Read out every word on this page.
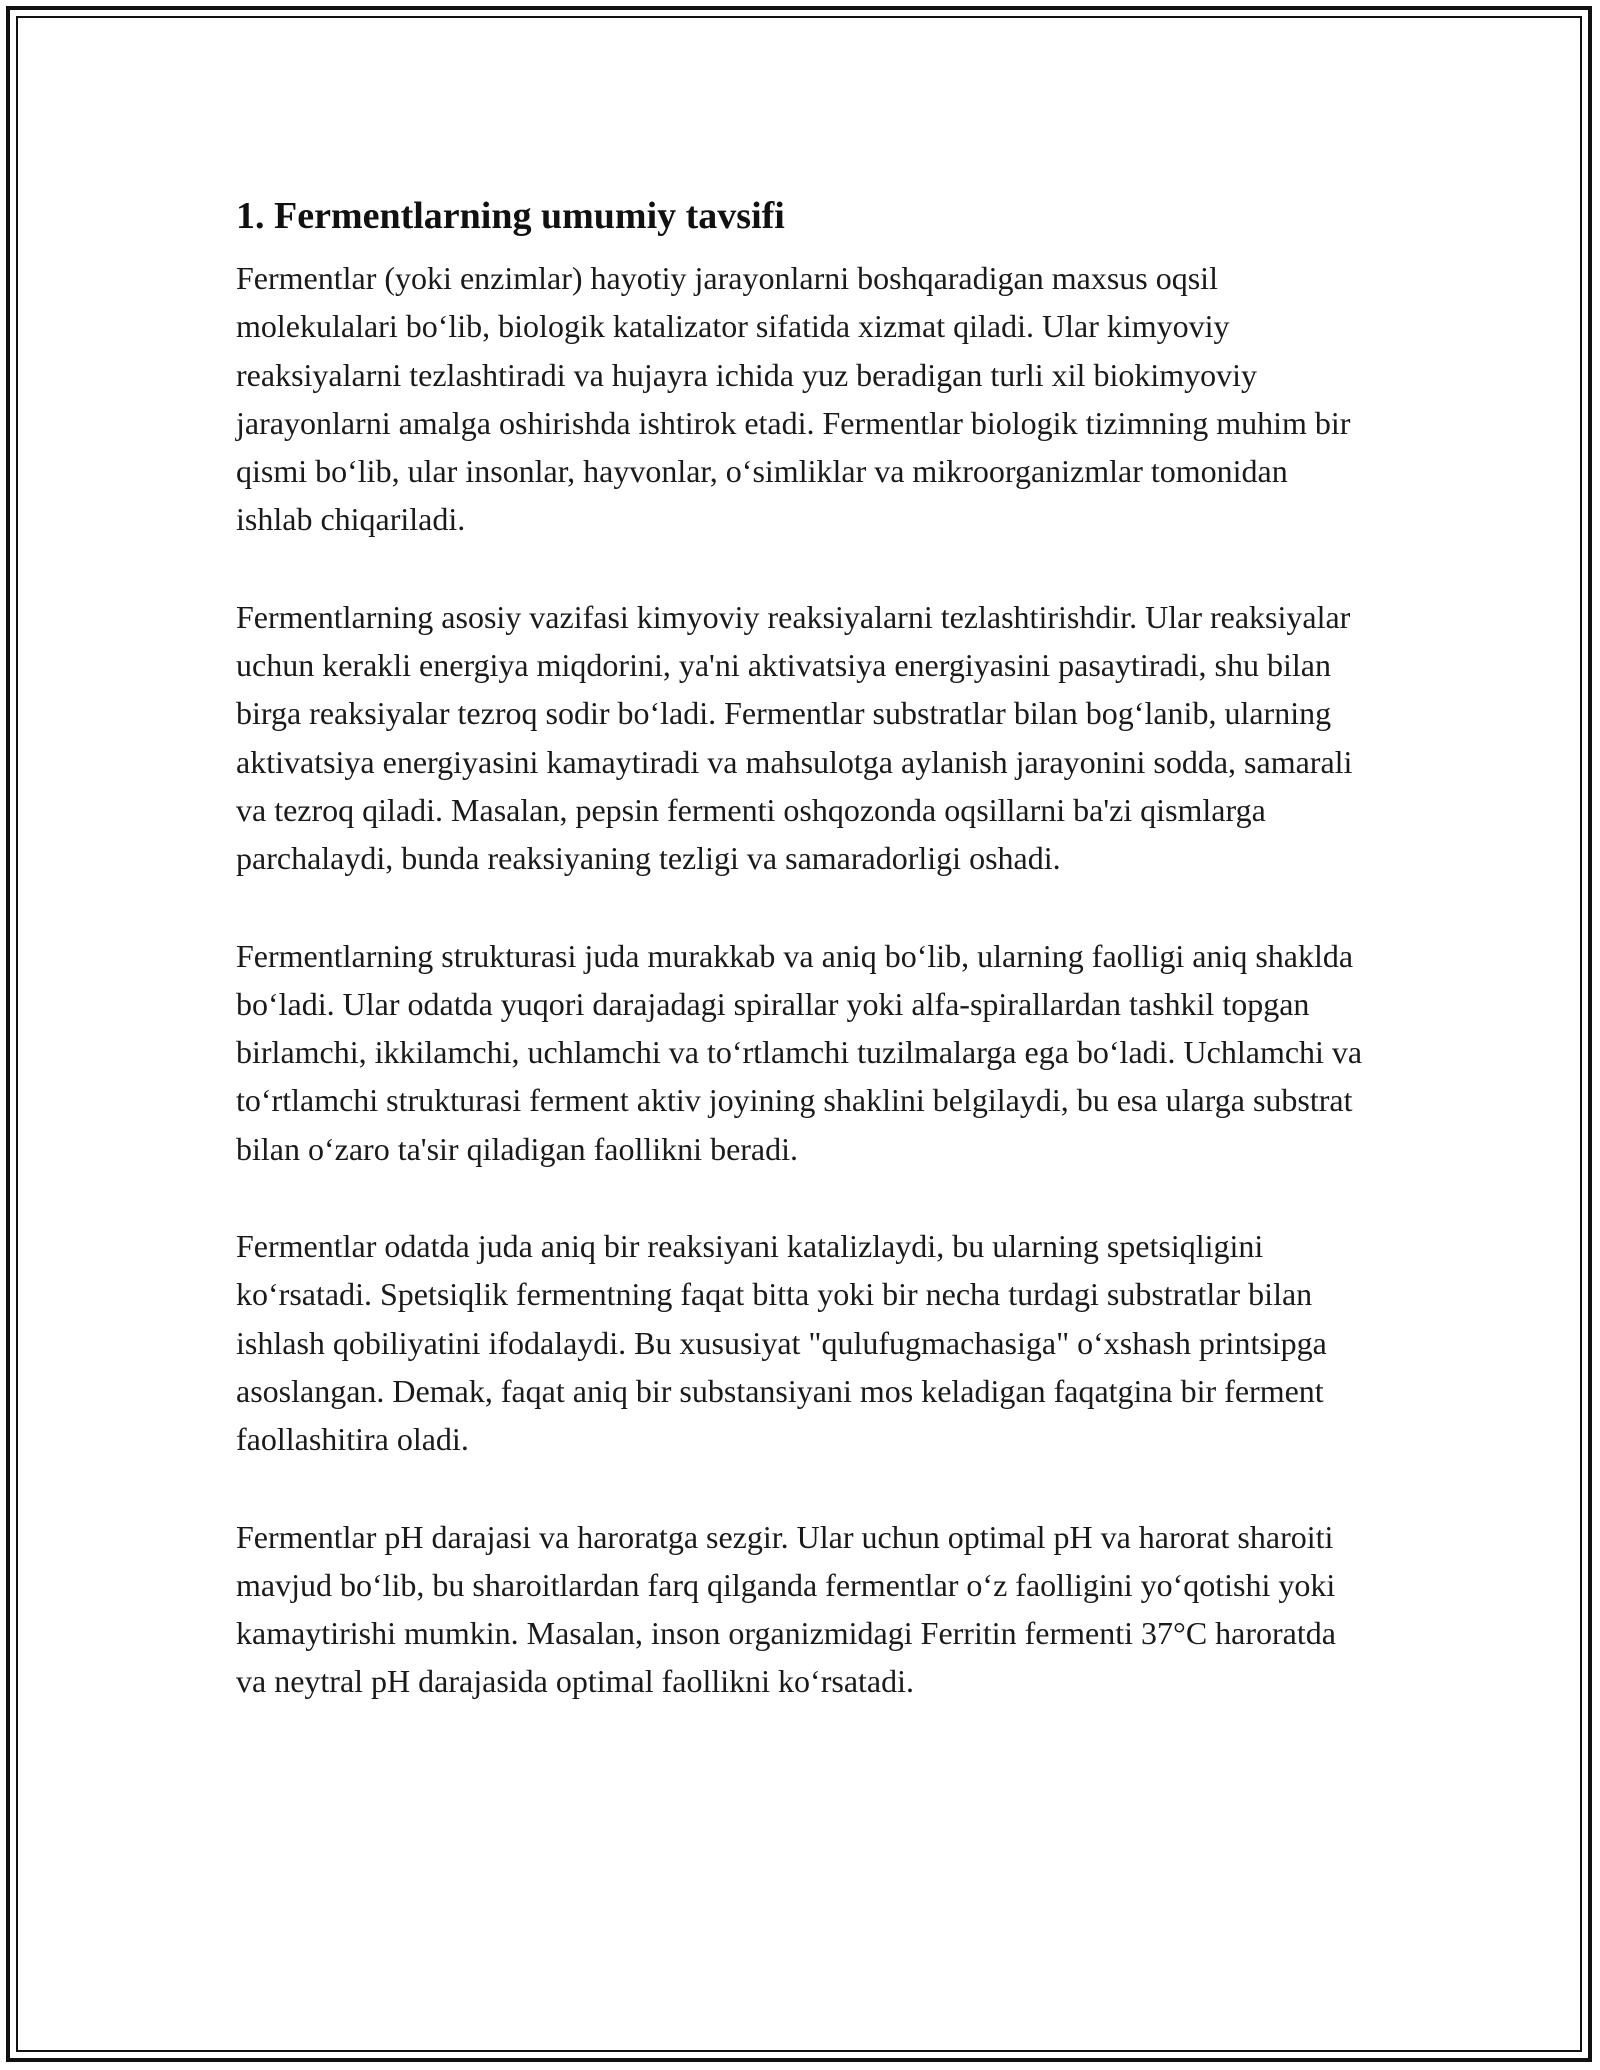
1. Fermentlarning umumiy tavsifi

Fermentlar (yoki enzimlar) hayotiy jarayonlarni boshqaradigan maxsus oqsil molekulalari bo‘lib, biologik katalizator sifatida xizmat qiladi. Ular kimyoviy reaksiyalarni tezlashtiradi va hujayra ichida yuz beradigan turli xil biokimyoviy jarayonlarni amalga oshirishda ishtirok etadi. Fermentlar biologik tizimning muhim bir qismi bo‘lib, ular insonlar, hayvonlar, o‘simliklar va mikroorganizmlar tomonidan ishlab chiqariladi.

Fermentlarning asosiy vazifasi kimyoviy reaksiyalarni tezlashtirishdir. Ular reaksiyalar uchun kerakli energiya miqdorini, ya'ni aktivatsiya energiyasini pasaytiradi, shu bilan birga reaksiyalar tezroq sodir bo‘ladi. Fermentlar substratlar bilan bog‘lanib, ularning aktivatsiya energiyasini kamaytiradi va mahsulotga aylanish jarayonini sodda, samarali va tezroq qiladi. Masalan, pepsin fermenti oshqozonda oqsillarni ba'zi qismlarga parchalaydi, bunda reaksiyaning tezligi va samaradorligi oshadi.

Fermentlarning strukturasi juda murakkab va aniq bo‘lib, ularning faolligi aniq shaklda bo‘ladi. Ular odatda yuqori darajadagi spirallar yoki alfa-spirallardan tashkil topgan birlamchi, ikkilamchi, uchlamchi va to‘rtlamchi tuzilmalarga ega bo‘ladi. Uchlamchi va to‘rtlamchi strukturasi ferment aktiv joyining shaklini belgilaydi, bu esa ularga substrat bilan o‘zaro ta'sir qiladigan faollikni beradi.

Fermentlar odatda juda aniq bir reaksiyani katalizlaydi, bu ularning spetsiqligini ko‘rsatadi. Spetsiqlik fermentning faqat bitta yoki bir necha turdagi substratlar bilan ishlash qobiliyatini ifodalaydi. Bu xususiyat "qulufugmachasiga" o‘xshash printsipga asoslangan. Demak, faqat aniq bir substansiyani mos keladigan faqatgina bir ferment faollashitira oladi.

Fermentlar pH darajasi va haroratga sezgir. Ular uchun optimal pH va harorat sharoiti mavjud bo‘lib, bu sharoitlardan farq qilganda fermentlar o‘z faolligini yo‘qotishi yoki kamaytirishi mumkin. Masalan, inson organizmidagi Ferritin fermenti 37°C haroratda va neytral pH darajasida optimal faollikni ko‘rsatadi.
